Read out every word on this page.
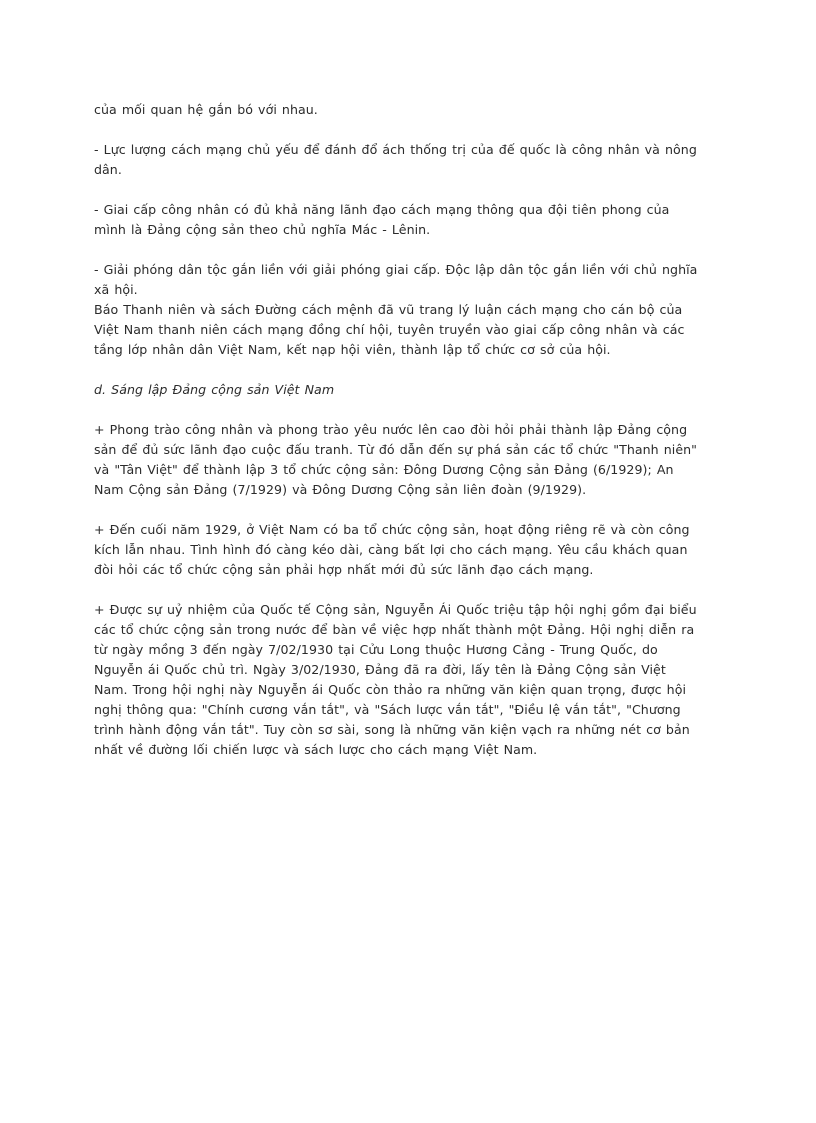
của mối quan hệ gắn bó với nhau.
- Lực lượng cách mạng chủ yếu để đánh đổ ách thống trị của đế quốc là công nhân và nông
dân.
- Giai cấp công nhân có đủ khả năng lãnh đạo cách mạng thông qua đội tiên phong của
mình là Đảng cộng sản theo chủ nghĩa Mác - Lênin.
- Giải phóng dân tộc gắn liền với giải phóng giai cấp. Độc lập dân tộc gắn liền với chủ nghĩa
xã hội.
Báo Thanh niên và sách Đường cách mệnh đã vũ trang lý luận cách mạng cho cán bộ của
Việt Nam thanh niên cách mạng đồng chí hội, tuyên truyền vào giai cấp công nhân và các
tầng lớp nhân dân Việt Nam, kết nạp hội viên, thành lập tổ chức cơ sở của hội.
d. Sáng lập Đảng cộng sản Việt Nam
+ Phong trào công nhân và phong trào yêu nước lên cao đòi hỏi phải thành lập Đảng cộng
sản để đủ sức lãnh đạo cuộc đấu tranh. Từ đó dẫn đến sự phá sản các tổ chức "Thanh niên"
và "Tân Việt" để thành lập 3 tổ chức cộng sản: Đông Dương Cộng sản Đảng (6/1929); An
Nam Cộng sản Đảng (7/1929) và Đông Dương Cộng sản liên đoàn (9/1929).
+ Đến cuối năm 1929, ở Việt Nam có ba tổ chức cộng sản, hoạt động riêng rẽ và còn công
kích lẫn nhau. Tình hình đó càng kéo dài, càng bất lợi cho cách mạng. Yêu cầu khách quan
đòi hỏi các tổ chức cộng sản phải hợp nhất mới đủ sức lãnh đạo cách mạng.
+ Được sự uỷ nhiệm của Quốc tế Cộng sản, Nguyễn Ái Quốc triệu tập hội nghị gồm đại biểu
các tổ chức cộng sản trong nước để bàn về việc hợp nhất thành một Đảng. Hội nghị diễn ra
từ ngày mồng 3 đến ngày 7/02/1930 tại Cửu Long thuộc Hương Cảng - Trung Quốc, do
Nguyễn ái Quốc chủ trì. Ngày 3/02/1930, Đảng đã ra đời, lấy tên là Đảng Cộng sản Việt
Nam. Trong hội nghị này Nguyễn ái Quốc còn thảo ra những văn kiện quan trọng, được hội
nghị thông qua: "Chính cương vắn tắt", và "Sách lược vắn tắt", "Điều lệ vắn tắt", "Chương
trình hành động vắn tắt". Tuy còn sơ sài, song là những văn kiện vạch ra những nét cơ bản
nhất về đường lối chiến lược và sách lược cho cách mạng Việt Nam.
